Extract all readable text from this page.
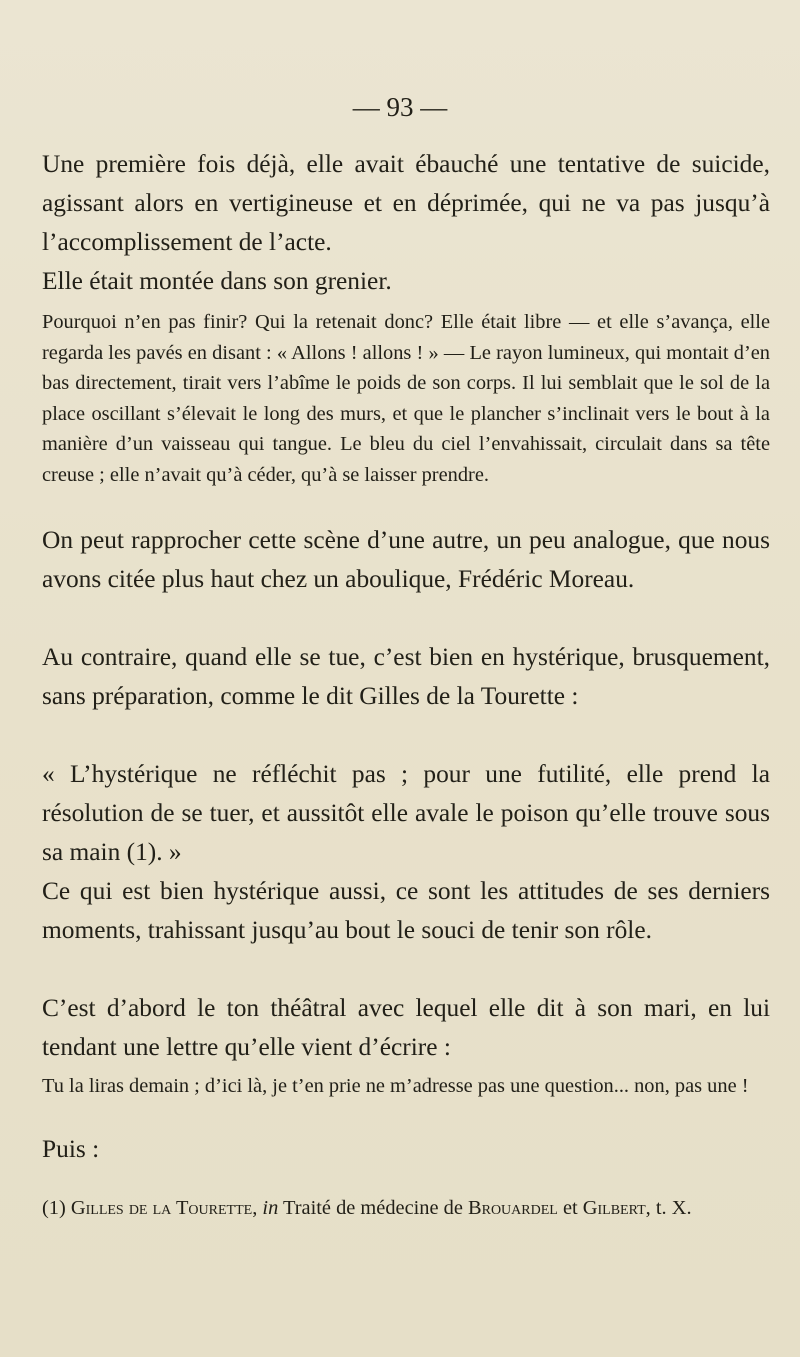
— 93 —

Une première fois déjà, elle avait ébauché une tentative de suicide, agissant alors en vertigineuse et en déprimée, qui ne va pas jusqu’à l’accomplissement de l’acte.

Elle était montée dans son grenier.

Pourquoi n’en pas finir? Qui la retenait donc? Elle était libre — et elle s’avança, elle regarda les pavés en disant : « Allons ! allons ! » — Le rayon lumineux, qui montait d’en bas directement, tirait vers l’abîme le poids de son corps. Il lui semblait que le sol de la place oscillant s’élevait le long des murs, et que le plancher s’inclinait vers le bout à la manière d’un vaisseau qui tangue. Le bleu du ciel l’envahissait, circulait dans sa tête creuse ; elle n’avait qu’à céder, qu’à se laisser prendre.

On peut rapprocher cette scène d’une autre, un peu analogue, que nous avons citée plus haut chez un aboulique, Frédéric Moreau.

Au contraire, quand elle se tue, c’est bien en hystérique, brusquement, sans préparation, comme le dit Gilles de la Tourette :

« L’hystérique ne réfléchit pas ; pour une futilité, elle prend la résolution de se tuer, et aussitôt elle avale le poison qu’elle trouve sous sa main (1). »

Ce qui est bien hystérique aussi, ce sont les attitudes de ses derniers moments, trahissant jusqu’au bout le souci de tenir son rôle.

C’est d’abord le ton théâtral avec lequel elle dit à son mari, en lui tendant une lettre qu’elle vient d’écrire :

Tu la liras demain ; d’ici là, je t’en prie ne m’adresse pas une question... non, pas une !

Puis :

(1) Gilles de la Tourette, in Traité de médecine de Brouardel et Gilbert, t. X.
